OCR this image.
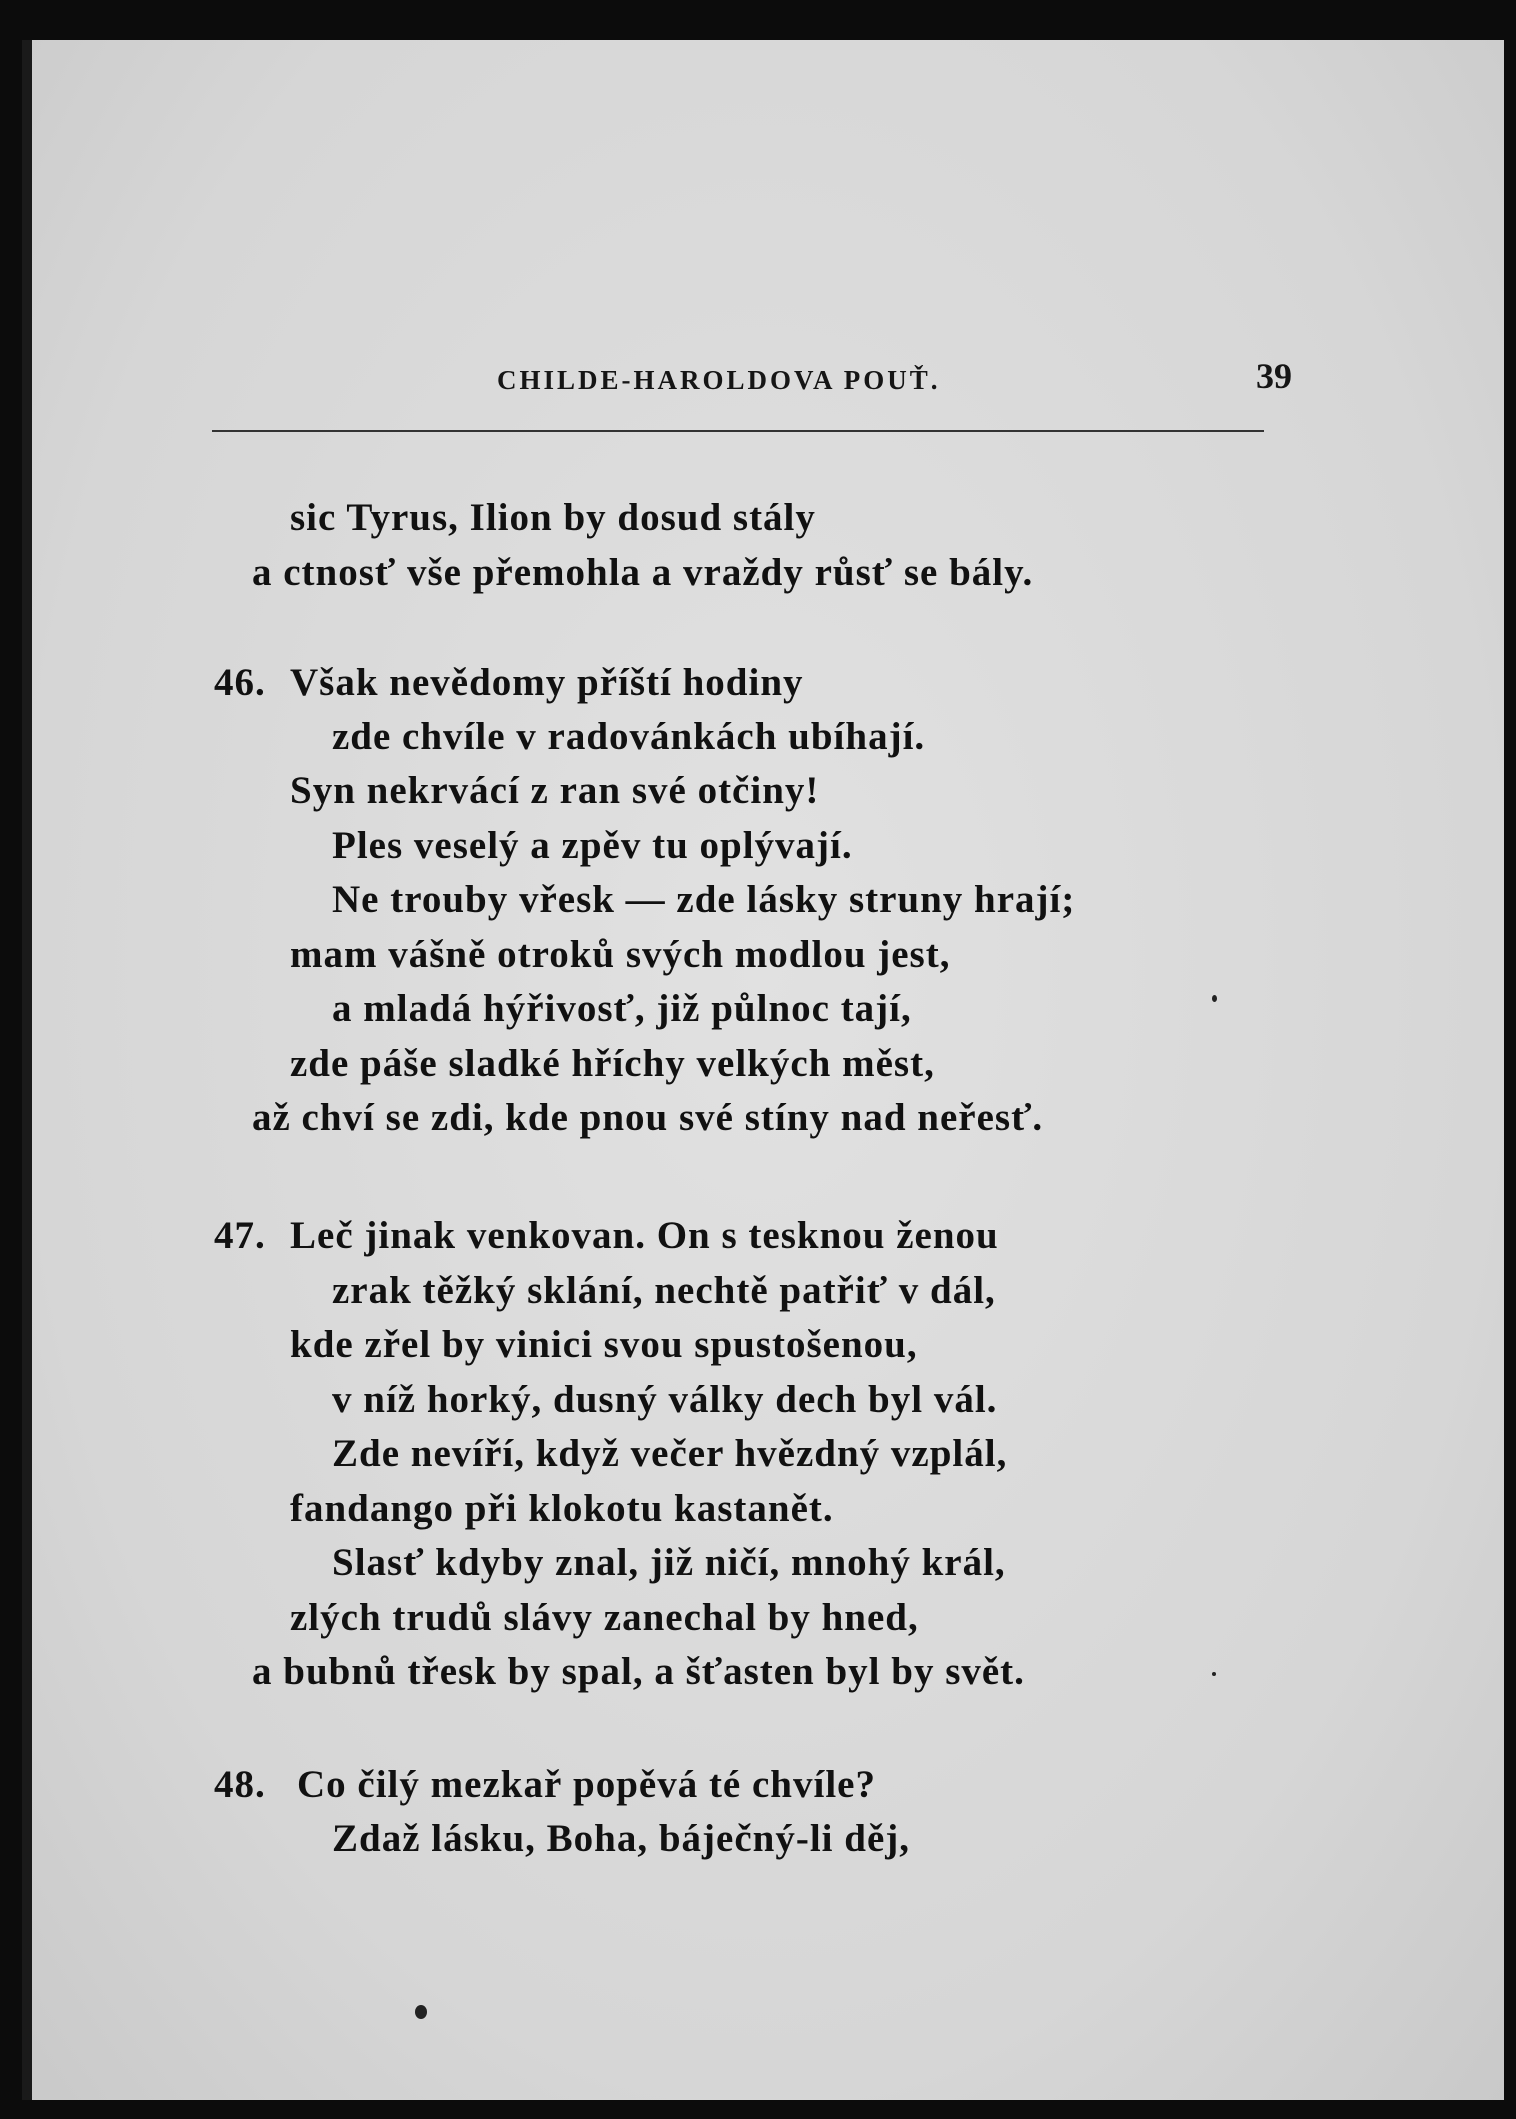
CHILDE-HAROLDOVA POUŤ.	39
sic Tyrus, Ilion by dosud stály
a ctnosť vše přemohla a vraždy růsť se bály.
46. Však nevědomy příští hodiny
zde chvíle v radovánkách ubíhají.
Syn nekrvácí z ran své otčiny!
Ples veselý a zpěv tu oplývají.
Ne trouby vřesk — zde lásky struny hrají;
mam vášně otroků svých modlou jest,
a mladá hýřivosť, již půlnoc tají,
zde páše sladké hříchy velkých měst,
až chví se zdi, kde pnou své stíny nad neřesť.
47. Leč jinak venkovan. On s tesknou ženou
zrak těžký sklání, nechtě patřiť v dál,
kde zřel by vinici svou spustošenou,
v níž horký, dusný války dech byl vál.
Zde nevíří, když večer hvězdný vzplál,
fandango při klokotu kastanět.
Slasť kdyby znal, již ničí, mnohý král,
zlých trudů slávy zanechal by hned,
a bubnů třesk by spal, a šťasten byl by svět.
48. Co čilý mezkař popěvá té chvíle?
Zdaž lásku, Boha, báječný-li děj,
